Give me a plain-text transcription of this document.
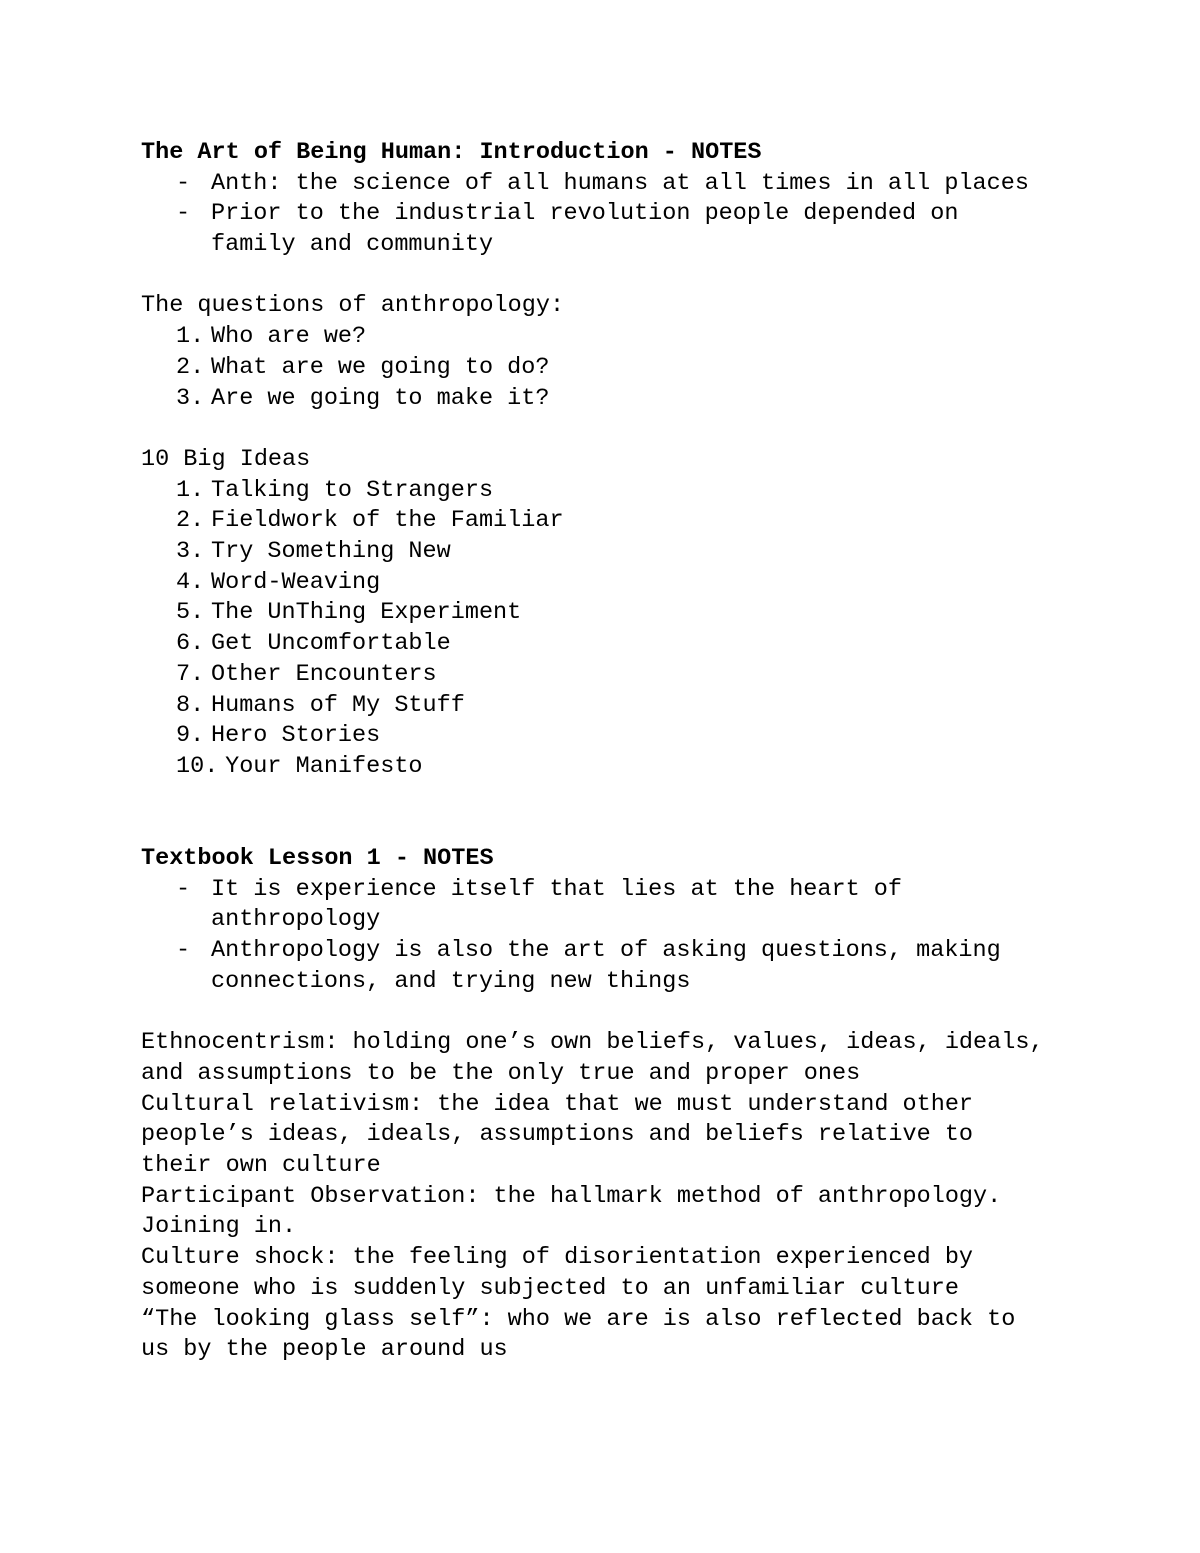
The Art of Being Human: Introduction - NOTES
- Anth: the science of all humans at all times in all places
- Prior to the industrial revolution people depended on family and community
The questions of anthropology:
1. Who are we?
2. What are we going to do?
3. Are we going to make it?
10 Big Ideas
1. Talking to Strangers
2. Fieldwork of the Familiar
3. Try Something New
4. Word-Weaving
5. The UnThing Experiment
6. Get Uncomfortable
7. Other Encounters
8. Humans of My Stuff
9. Hero Stories
10.
Your Manifesto
Textbook Lesson 1 - NOTES
- It is experience itself that lies at the heart of anthropology
- Anthropology is also the art of asking questions, making connections, and trying new things
Ethnocentrism: holding one’s own beliefs, values, ideas, ideals, and assumptions to be the only true and proper ones
Cultural relativism: the idea that we must understand other people’s ideas, ideals, assumptions and beliefs relative to their own culture
Participant Observation: the hallmark method of anthropology. Joining in.
Culture shock: the feeling of disorientation experienced by someone who is suddenly subjected to an unfamiliar culture
“The looking glass self”: who we are is also reflected back to us by the people around us
